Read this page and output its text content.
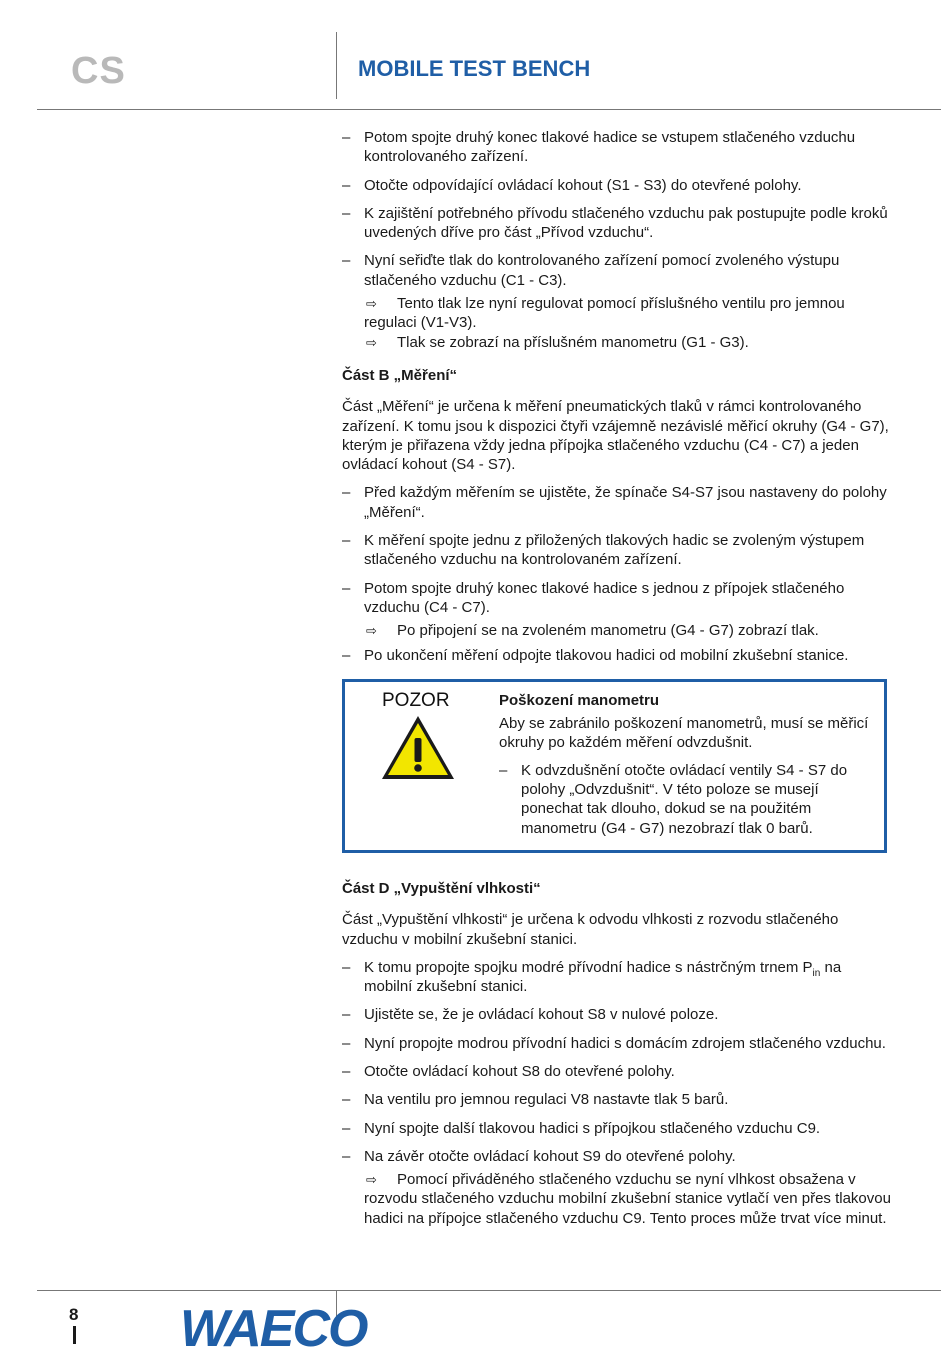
CS	MOBILE TEST BENCH
– Potom spojte druhý konec tlakové hadice se vstupem stlačeného vzduchu kontrolovaného zařízení.
– Otočte odpovídající ovládací kohout (S1 - S3) do otevřené polohy.
– K zajištění potřebného přívodu stlačeného vzduchu pak postupujte podle kroků uvedených dříve pro část „Přívod vzduchu“.
– Nyní seřiďte tlak do kontrolovaného zařízení pomocí zvoleného výstupu stlačeného vzduchu (C1 - C3).
⇨ Tento tlak lze nyní regulovat pomocí příslušného ventilu pro jemnou regulaci (V1-V3).
⇨ Tlak se zobrazí na příslušném manometru (G1 - G3).
Část B „Měření“
Část „Měření“ je určena k měření pneumatických tlaků v rámci kontrolovaného zařízení. K tomu jsou k dispozici čtyři vzájemně nezávislé měřicí okruhy (G4 - G7), kterým je přiřazena vždy jedna přípojka stlačeného vzduchu (C4 - C7) a jeden ovládací kohout (S4 - S7).
– Před každým měřením se ujistěte, že spínače S4-S7 jsou nastaveny do polohy „Měření“.
– K měření spojte jednu z přiložených tlakových hadic se zvoleným výstupem stlačeného vzduchu na kontrolovaném zařízení.
– Potom spojte druhý konec tlakové hadice s jednou z přípojek stlačeného vzduchu (C4 - C7).
⇨ Po připojení se na zvoleném manometru (G4 - G7) zobrazí tlak.
– Po ukončení měření odpojte tlakovou hadici od mobilní zkušební stanice.
POZOR	Poškození manometru
Aby se zabránilo poškození manometrů, musí se měřicí okruhy po každém měření odvzdušnit.
– K odvzdušnění otočte ovládací ventily S4 - S7 do polohy „Odvzdušnit“. V této poloze se musejí ponechat tak dlouho, dokud se na použitém manometru (G4 - G7) nezobrazí tlak 0 barů.
Část D „Vypuštění vlhkosti“
Část „Vypuštění vlhkosti“ je určena k odvodu vlhkosti z rozvodu stlačeného vzduchu v mobilní zkušební stanici.
– K tomu propojte spojku modré přívodní hadice s nástrčným trnem $P_{in}$ na mobilní zkušební stanici.
– Ujistěte se, že je ovládací kohout S8 v nulové poloze.
– Nyní propojte modrou přívodní hadici s domácím zdrojem stlačeného vzduchu.
– Otočte ovládací kohout S8 do otevřené polohy.
– Na ventilu pro jemnou regulaci V8 nastavte tlak 5 barů.
– Nyní spojte další tlakovou hadici s přípojkou stlačeného vzduchu C9.
– Na závěr otočte ovládací kohout S9 do otevřené polohy.
⇨ Pomocí přiváděného stlačeného vzduchu se nyní vlhkost obsažena v rozvodu stlačeného vzduchu mobilní zkušební stanice vytlačí ven přes tlakovou hadici na přípojce stlačeného vzduchu C9. Tento proces může trvat více minut.
8 WAECO
